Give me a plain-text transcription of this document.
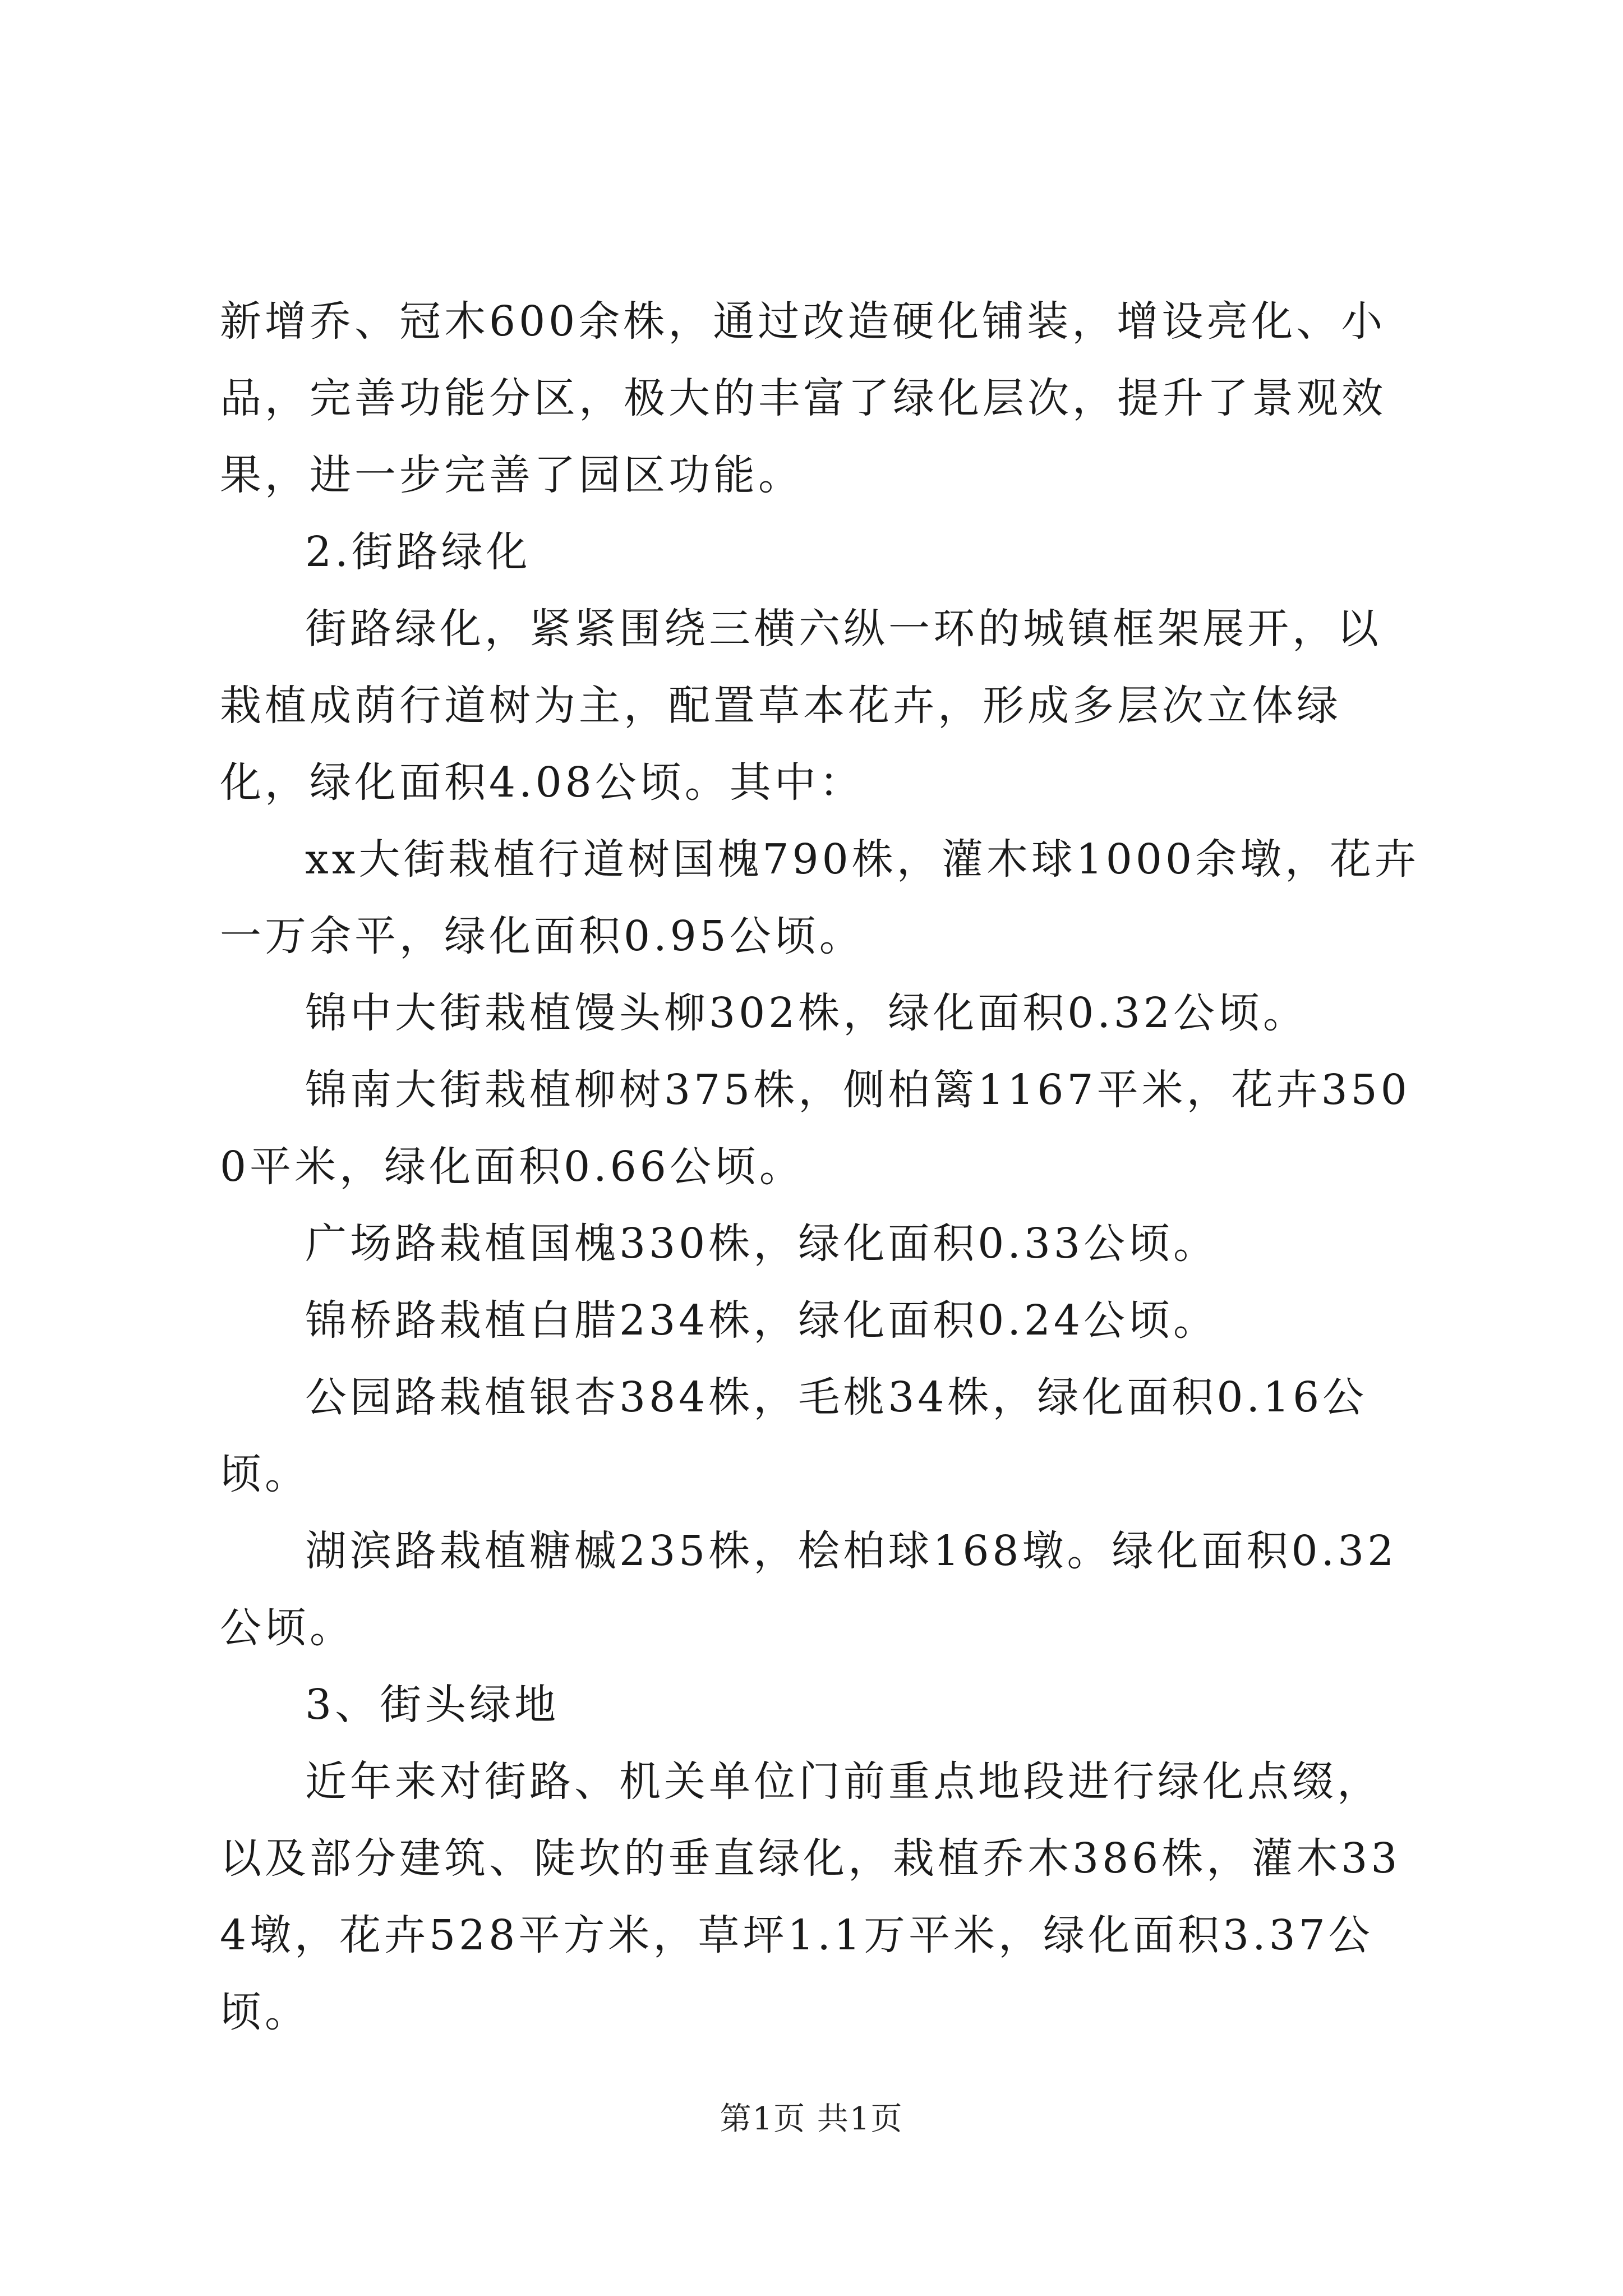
新增乔、冠木600余株，通过改造硬化铺装，增设亮化、小品，完善功能分区，极大的丰富了绿化层次，提升了景观效果，进一步完善了园区功能。

2.街路绿化

街路绿化，紧紧围绕三横六纵一环的城镇框架展开，以栽植成荫行道树为主，配置草本花卉，形成多层次立体绿化，绿化面积4.08公顷。其中：

xx大街栽植行道树国槐790株，灌木球1000余墩，花卉一万余平，绿化面积0.95公顷。

锦中大街栽植馒头柳302株，绿化面积0.32公顷。

锦南大街栽植柳树375株，侧柏篱1167平米，花卉3500平米，绿化面积0.66公顷。

广场路栽植国槐330株，绿化面积0.33公顷。

锦桥路栽植白腊234株，绿化面积0.24公顷。

公园路栽植银杏384株，毛桃34株，绿化面积0.16公顷。

湖滨路栽植糖槭235株，桧柏球168墩。绿化面积0.32公顷。

3、街头绿地

近年来对街路、机关单位门前重点地段进行绿化点缀，以及部分建筑、陡坎的垂直绿化，栽植乔木386株，灌木334墩，花卉528平方米，草坪1.1万平米，绿化面积3.37公顷。

第1页 共1页
